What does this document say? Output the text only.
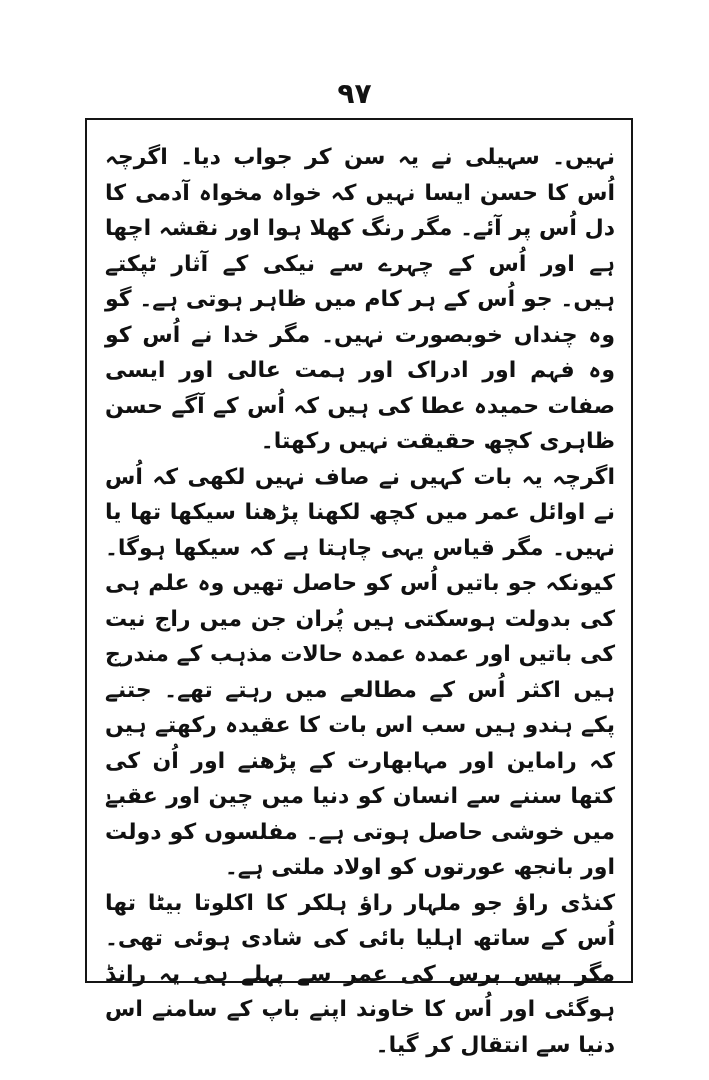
٩٧

نہیں۔ سہیلی نے یہ سن کر جواب دیا۔ اگرچہ اُس کا حسن ایسا نہیں کہ خواہ مخواہ آدمی کا دل اُس پر آئے۔ مگر رنگ کھلا ہوا اور نقشہ اچھا ہے اور اُس کے چہرے سے نیکی کے آثار ٹپکتے ہیں۔ جو اُس کے ہر کام میں ظاہر ہوتی ہے۔ گو وہ چنداں خوبصورت نہیں۔ مگر خدا نے اُس کو وہ فہم اور ادراک اور ہمت عالی اور ایسی صفات حمیدہ عطا کی ہیں کہ اُس کے آگے حسن ظاہری کچھ حقیقت نہیں رکھتا۔

اگرچہ یہ بات کہیں نے صاف نہیں لکھی کہ اُس نے اوائل عمر میں کچھ لکھنا پڑھنا سیکھا تھا یا نہیں۔ مگر قیاس یہی چاہتا ہے کہ سیکھا ہوگا۔ کیونکہ جو باتیں اُس کو حاصل تھیں وہ علم ہی کی بدولت ہوسکتی ہیں پُران جن میں راج نیت کی باتیں اور عمدہ عمدہ حالات مذہب کے مندرج ہیں اکثر اُس کے مطالعے میں رہتے تھے۔ جتنے پکے ہندو ہیں سب اس بات کا عقیدہ رکھتے ہیں کہ راماین اور مہابھارت کے پڑھنے اور اُن کی کتھا سننے سے انسان کو دنیا میں چین اور عقبےٰ میں خوشی حاصل ہوتی ہے۔ مفلسوں کو دولت اور بانجھ عورتوں کو اولاد ملتی ہے۔

کنڈی راؤ جو ملہار راؤ ہلکر کا اکلوتا بیٹا تھا اُس کے ساتھ اہلیا بائی کی شادی ہوئی تھی۔ مگر بیس برس کی عمر سے پہلے ہی یہ رانڈ ہوگئی اور اُس کا خاوند اپنے باپ کے سامنے اس دنیا سے انتقال کر گیا۔
